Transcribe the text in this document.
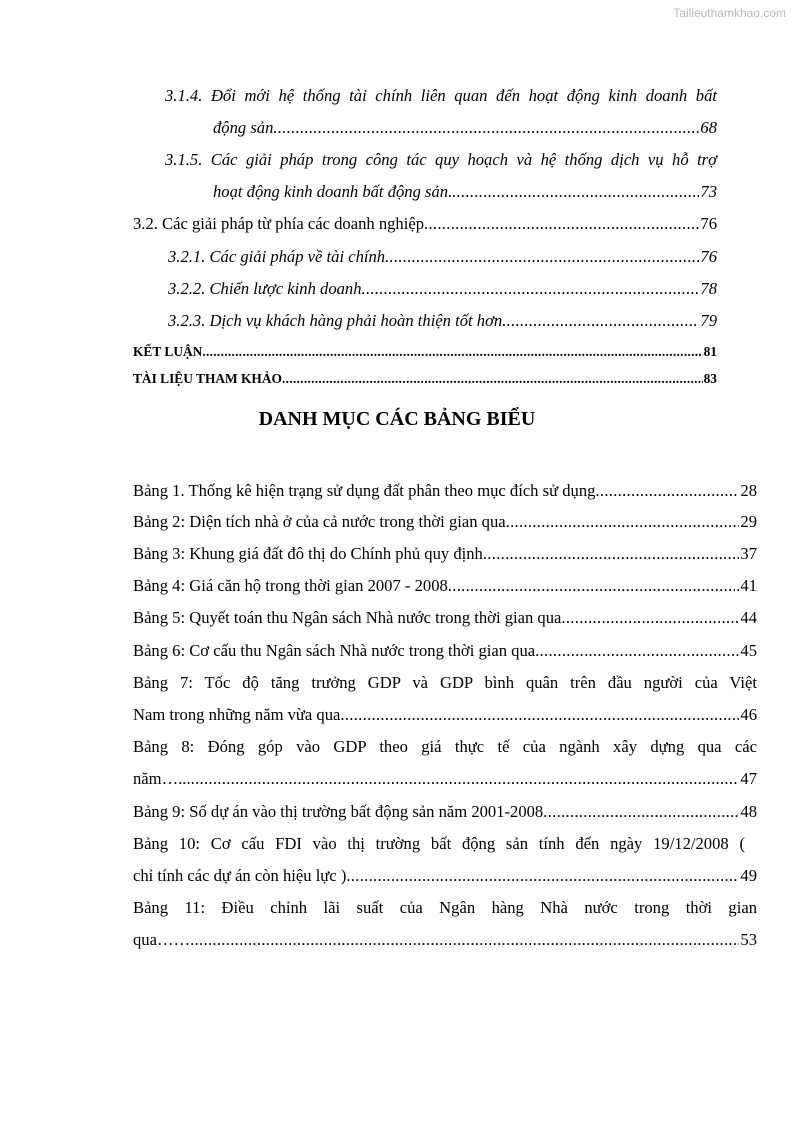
Tailieuthamkhao.com
3.1.4. Đổi mới hệ thống tài chính liên quan đến hoạt động kinh doanh bất
động sản .....	68
3.1.5. Các giải pháp trong công tác quy hoạch và hệ thống dịch vụ hỗ trợ
hoạt động kinh doanh bất động sản. .....	73
3.2. Các giải pháp từ phía các doanh nghiệp .....	76
3.2.1. Các giải pháp về tài chính .....	76
3.2.2. Chiến lược kinh doanh .....	78
3.2.3. Dịch vụ khách hàng phải hoàn thiện tốt hơn .....	79
KẾT LUẬN .....	81
TÀI LIỆU THAM KHẢO .....	83
DANH MỤC CÁC BẢNG BIỂU
Bảng 1. Thống kê hiện trạng sử dụng đất phân theo mục đích sử dụng .....	28
Bảng 2: Diện tích nhà ở của cả nước trong thời gian qua .....	29
Bảng 3: Khung giá đất đô thị do Chính phủ quy định .....	37
Bảng 4: Giá căn hộ trong thời gian 2007 - 2008 .....	.41
Bảng 5: Quyết toán thu Ngân sách Nhà nước trong thời gian qua .....	44
Bảng 6: Cơ cấu thu Ngân sách Nhà nước trong thời gian qua .....	45
Bảng 7: Tốc độ tăng trưởng GDP và GDP bình quân trên đầu người của Việt
Nam trong những năm vừa qua .....	46
Bảng 8: Đóng góp vào GDP theo giá thực tế của ngành xây dựng qua các
năm…... .....	47
Bảng 9: Số dự án vào thị trường bất động sản năm 2001-2008 .....	48
Bảng 10: Cơ cấu FDI vào thị trường bất động sản tính đến ngày 19/12/2008 (
chỉ tính các dự án còn hiệu lực ) .....	49
Bảng 11: Điều chỉnh lãi suất của Ngân hàng Nhà nước trong thời gian
qua…… .....	53
